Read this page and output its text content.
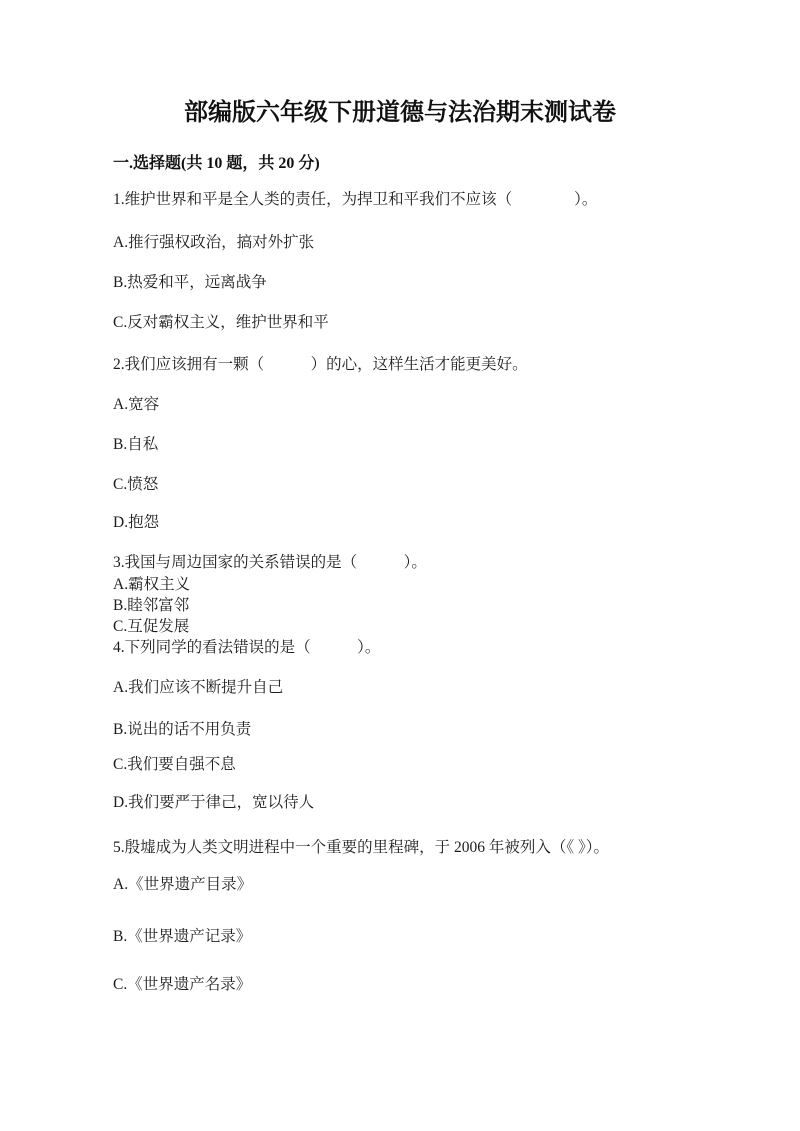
部编版六年级下册道德与法治期末测试卷
一.选择题(共 10 题，共 20 分)
1.维护世界和平是全人类的责任，为捍卫和平我们不应该（　　　　）。
A.推行强权政治，搞对外扩张
B.热爱和平，远离战争
C.反对霸权主义，维护世界和平
2.我们应该拥有一颗（　　　）的心，这样生活才能更美好。
A.宽容
B.自私
C.愤怒
D.抱怨
3.我国与周边国家的关系错误的是（　　　）。
A.霸权主义
B.睦邻富邻
C.互促发展
4.下列同学的看法错误的是（　　　）。
A.我们应该不断提升自己
B.说出的话不用负责
C.我们要自强不息
D.我们要严于律己，宽以待人
5.殷墟成为人类文明进程中一个重要的里程碑，于 2006 年被列入（《 》）。
A.《世界遗产目录》
B.《世界遗产记录》
C.《世界遗产名录》
